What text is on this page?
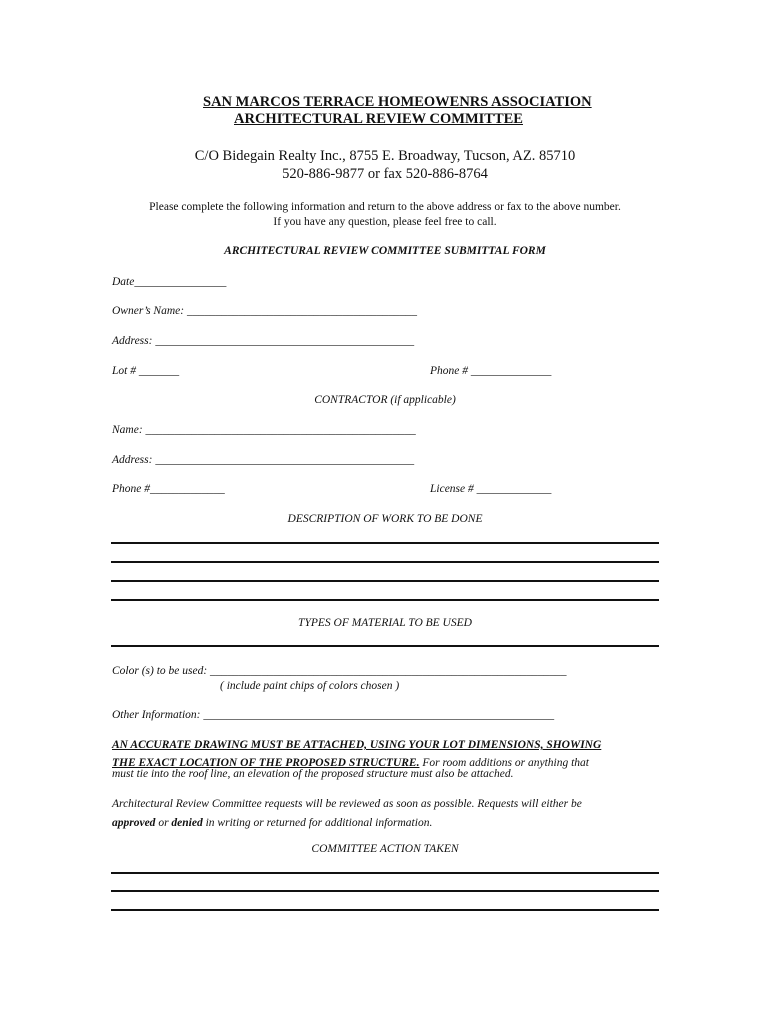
SAN MARCOS TERRACE HOMEOWENRS ASSOCIATION
ARCHITECTURAL REVIEW COMMITTEE
C/O Bidegain Realty Inc., 8755 E. Broadway, Tucson, AZ. 85710
520-886-9877 or fax 520-886-8764
Please complete the following information and return to the above address or fax to the above number.
If you have any question, please feel free to call.
ARCHITECTURAL REVIEW COMMITTEE SUBMITTAL FORM
Date________________
Owner’s Name: ________________________________________
Address: _____________________________________________
Lot # _______	Phone # ______________
CONTRACTOR (if applicable)
Name: _______________________________________________
Address: _____________________________________________
Phone #_____________	License # _____________
DESCRIPTION OF WORK TO BE DONE
TYPES OF MATERIAL TO BE USED
Color (s) to be used: ______________________________________________________________
( include paint chips of colors chosen )
Other Information: _____________________________________________________________
AN ACCURATE DRAWING MUST BE ATTACHED, USING YOUR LOT DIMENSIONS, SHOWING
THE EXACT LOCATION OF THE PROPOSED STRUCTURE. For room additions or anything that
must tie into the roof line, an elevation of the proposed structure must also be attached.
Architectural Review Committee requests will be reviewed as soon as possible. Requests will either be
approved or denied in writing or returned for additional information.
COMMITTEE ACTION TAKEN
